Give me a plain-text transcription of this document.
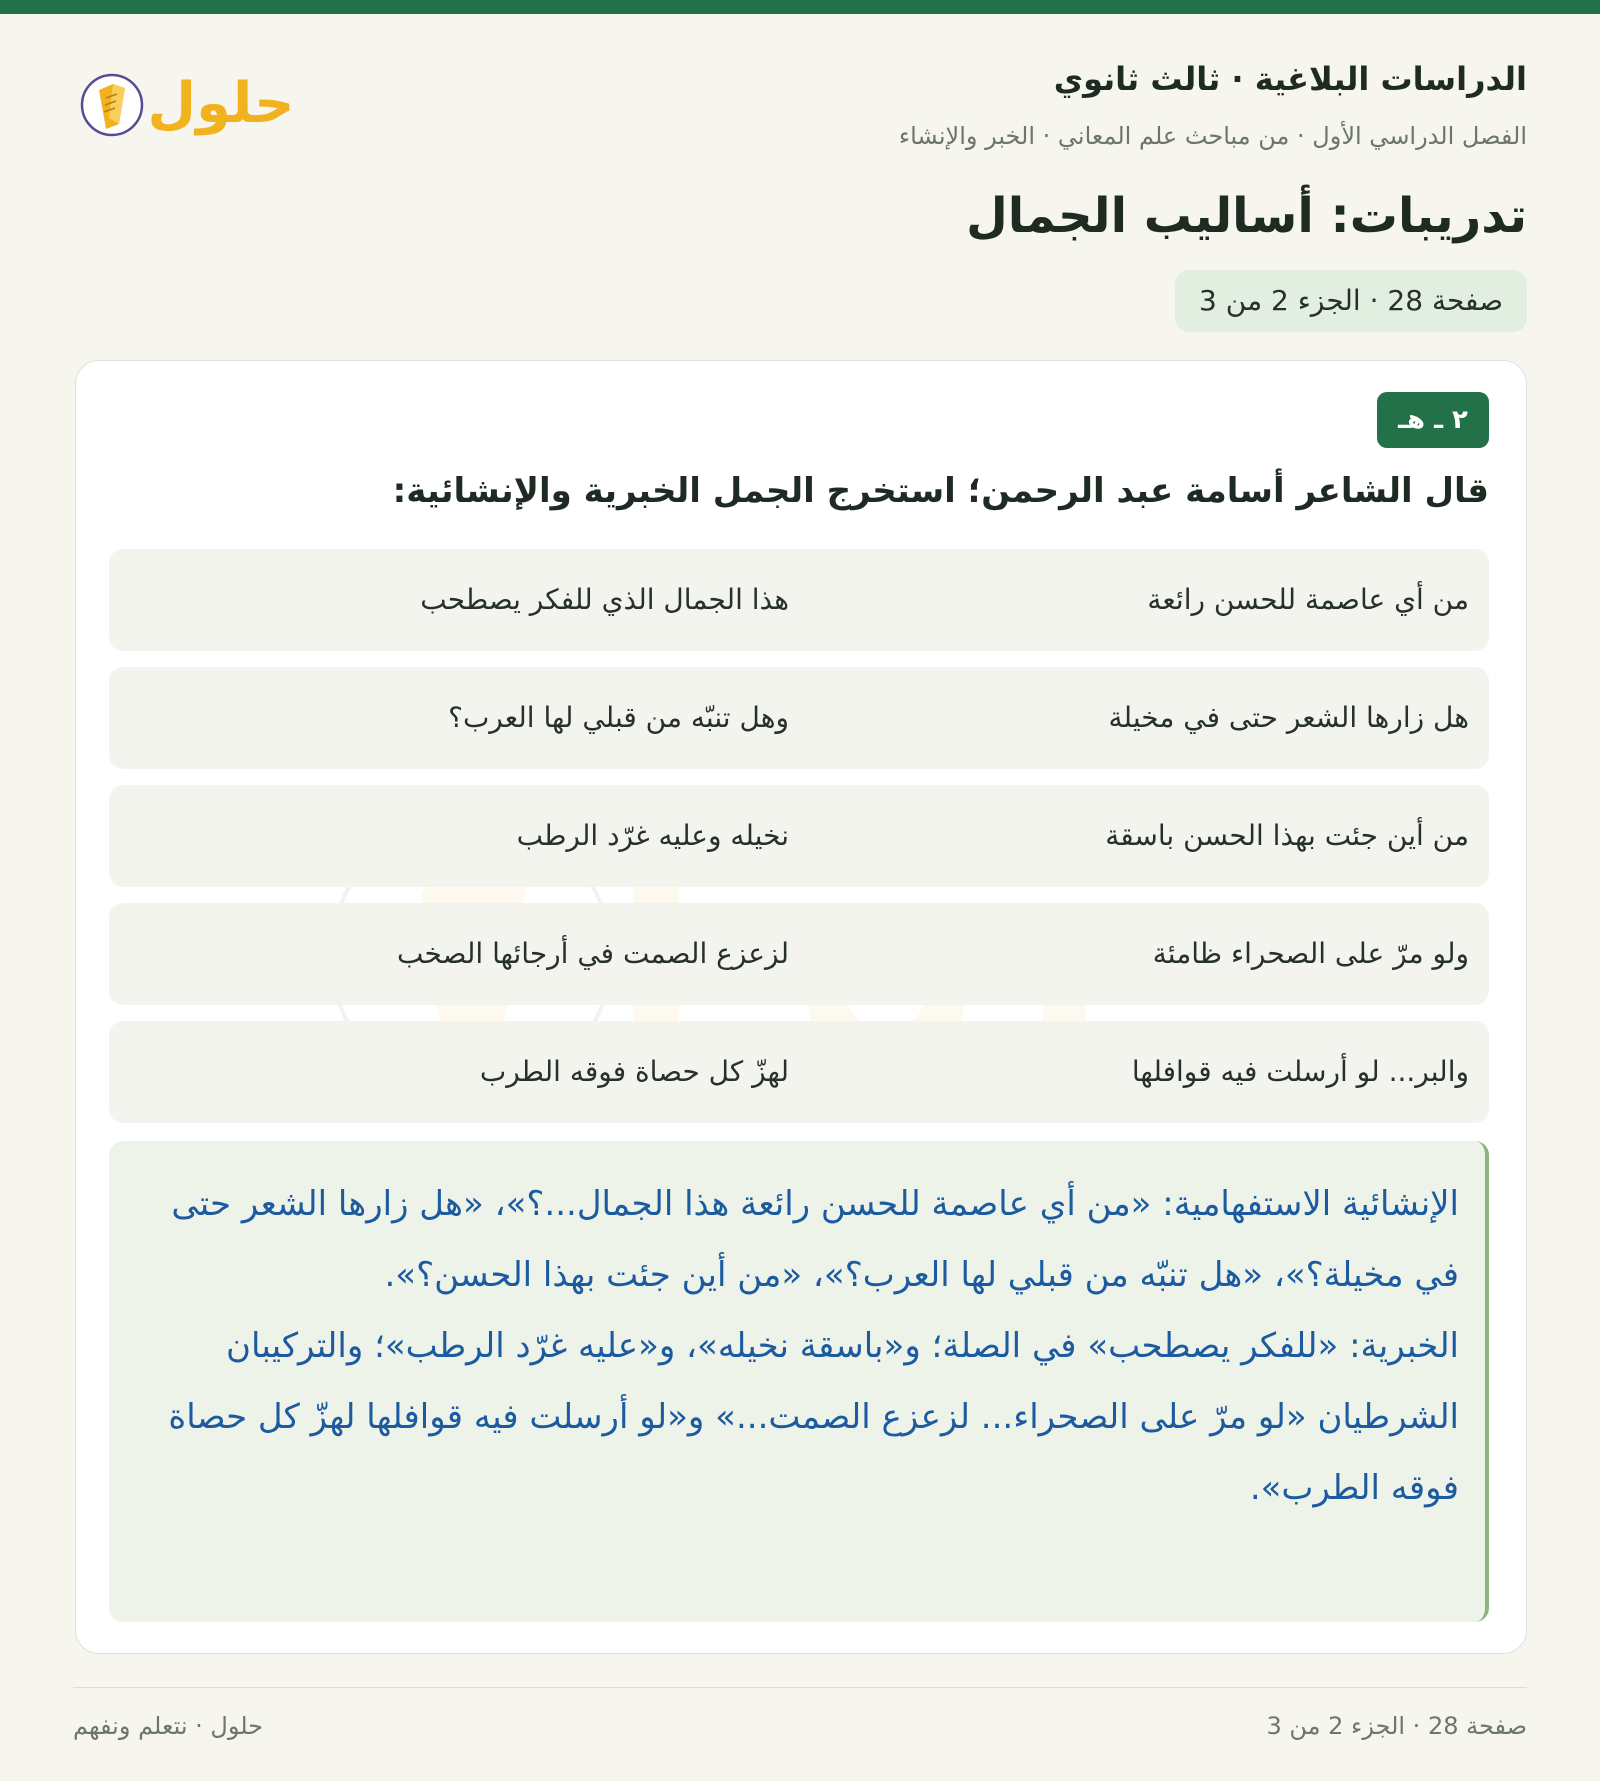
الدراسات البلاغية · ثالث ثانوي
الفصل الدراسي الأول · من مباحث علم المعاني · الخبر والإنشاء
حلول
تدريبات: أساليب الجمال
صفحة 28 · الجزء 2 من 3
٢ ـ هـ
قال الشاعر أسامة عبد الرحمن؛ استخرج الجمل الخبرية والإنشائية:
من أي عاصمة للحسن رائعة
هذا الجمال الذي للفكر يصطحب
هل زارها الشعر حتى في مخيلة
وهل تنبّه من قبلي لها العرب؟
من أين جئت بهذا الحسن باسقة
نخيله وعليه غرّد الرطب
ولو مرّ على الصحراء ظامئة
لزعزع الصمت في أرجائها الصخب
والبر... لو أرسلت فيه قوافلها
لهزّ كل حصاة فوقه الطرب

الإنشائية الاستفهامية: «من أي عاصمة للحسن رائعة هذا الجمال...؟»، «هل زارها الشعر حتى في مخيلة؟»، «هل تنبّه من قبلي لها العرب؟»، «من أين جئت بهذا الحسن؟».

الخبرية: «للفكر يصطحب» في الصلة؛ و«باسقة نخيله»، و«عليه غرّد الرطب»؛ والتركيبان الشرطيان «لو مرّ على الصحراء... لزعزع الصمت...» و«لو أرسلت فيه قوافلها لهزّ كل حصاة فوقه الطرب».

صفحة 28 · الجزء 2 من 3
حلول · نتعلم ونفهم
